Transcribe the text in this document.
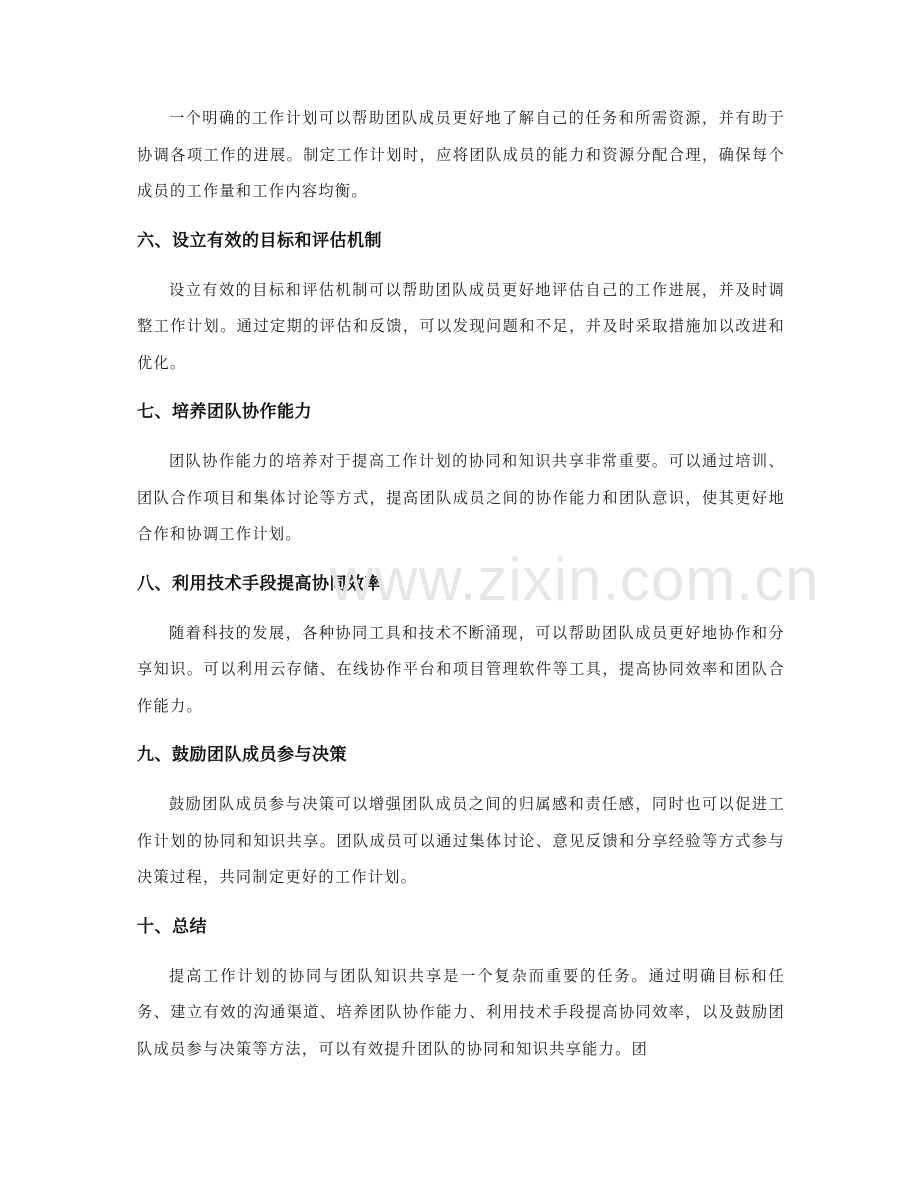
一个明确的工作计划可以帮助团队成员更好地了解自己的任务和所需资源，并有助于协调各项工作的进展。制定工作计划时，应将团队成员的能力和资源分配合理，确保每个成员的工作量和工作内容均衡。

六、设立有效的目标和评估机制

设立有效的目标和评估机制可以帮助团队成员更好地评估自己的工作进展，并及时调整工作计划。通过定期的评估和反馈，可以发现问题和不足，并及时采取措施加以改进和优化。

七、培养团队协作能力

团队协作能力的培养对于提高工作计划的协同和知识共享非常重要。可以通过培训、团队合作项目和集体讨论等方式，提高团队成员之间的协作能力和团队意识，使其更好地合作和协调工作计划。

八、利用技术手段提高协同效率

随着科技的发展，各种协同工具和技术不断涌现，可以帮助团队成员更好地协作和分享知识。可以利用云存储、在线协作平台和项目管理软件等工具，提高协同效率和团队合作能力。

九、鼓励团队成员参与决策

鼓励团队成员参与决策可以增强团队成员之间的归属感和责任感，同时也可以促进工作计划的协同和知识共享。团队成员可以通过集体讨论、意见反馈和分享经验等方式参与决策过程，共同制定更好的工作计划。

十、总结

提高工作计划的协同与团队知识共享是一个复杂而重要的任务。通过明确目标和任务、建立有效的沟通渠道、培养团队协作能力、利用技术手段提高协同效率，以及鼓励团队成员参与决策等方法，可以有效提升团队的协同和知识共享能力。团

www.zixin.com.cn
